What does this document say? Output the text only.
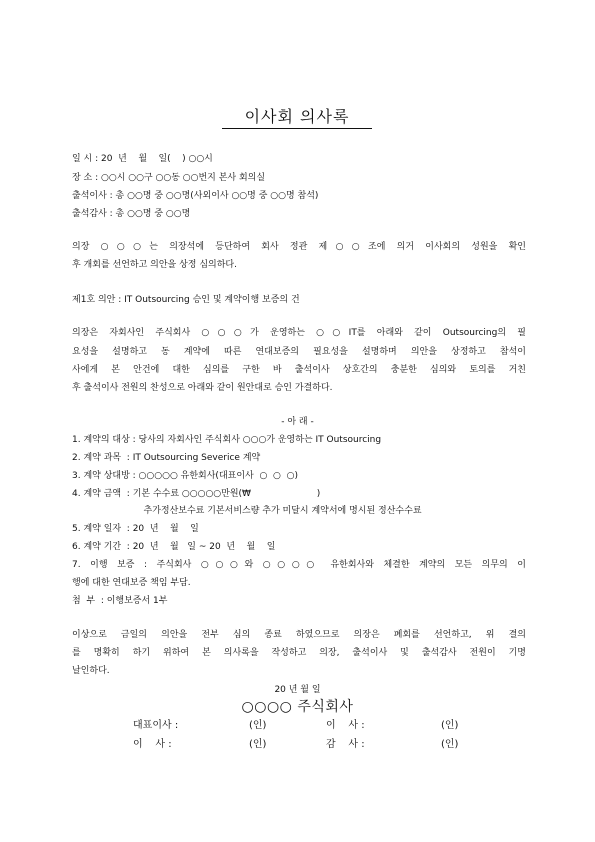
이사회 의사록
일 시 : 20  년    월    일(    ) ○○시
장 소 : ○○시 ○○구 ○○동 ○○번지 본사 회의실
출석이사 : 총 ○○명 중 ○○명(사외이사 ○○명 중 ○○명 참석)
출석감사 : 총 ○○명 중 ○○명
의장 ○○○는 의장석에 등단하여 회사 정관 제○○조에 의거 이사회의 성원을 확인
후 개회를 선언하고 의안을 상정 심의하다.
제1호 의안 : IT Outsourcing 승인 및 계약이행 보증의 건
의장은 자회사인 주식회사 ○○○가 운영하는 ○○IT를 아래와 같이 Outsourcing의 필
요성을 설명하고 동 계약에 따른 연대보증의 필요성을 설명하며 의안을 상정하고 참석이
사에게 본 안건에 대한 심의를 구한 바 출석이사 상호간의 충분한 심의와 토의를 거친
후 출석이사 전원의 찬성으로 아래와 같이 원안대로 승인 가결하다.
- 아 래 -
1. 계약의 대상 : 당사의 자회사인 주식회사 ○○○가 운영하는 IT Outsourcing
2. 계약 과목  : IT Outsourcing Severice 계약
3. 계약 상대방 : ○○○○○ 유한회사(대표이사  ○  ○  ○)
4. 계약 금액  : 기본 수수료 ○○○○○만원(₩                       )
추가정산보수료 기본서비스량 추가 미달시 계약서에 명시된 정산수수료
5. 계약 일자  : 20  년    월    일
6. 계약 기간  : 20  년    월   일 ~ 20  년    월    일
7. 이행 보증 : 주식회사 ○○○와 ○○○○ 유한회사와 체결한 계약의 모든 의무의 이
행에 대한 연대보증 책임 부담.
첨  부  : 이행보증서 1부
이상으로 금일의 의안을 전부 심의 종료 하였으므로 의장은 폐회를 선언하고, 위 결의
를 명확히 하기 위하여 본 의사록을 작성하고 의장, 출석이사 및 출석감사 전원이 기명
날인하다.
20 년 월 일
○○○○ 주식회사
대표이사 :	(인)	이    사 :	(인)
이    사 :	(인)	감    사 :	(인)
